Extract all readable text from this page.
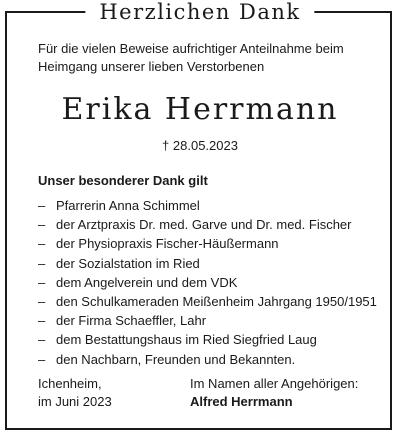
Herzlichen Dank
Für die vielen Beweise aufrichtiger Anteilnahme beim
Heimgang unserer lieben Verstorbenen
Erika Herrmann
† 28.05.2023
Unser besonderer Dank gilt
– Pfarrerin Anna Schimmel
– der Arztpraxis Dr. med. Garve und Dr. med. Fischer
– der Physiopraxis Fischer-Häußermann
– der Sozialstation im Ried
– dem Angelverein und dem VDK
– den Schulkameraden Meißenheim Jahrgang 1950/1951
– der Firma Schaeffler, Lahr
– dem Bestattungshaus im Ried Siegfried Laug
– den Nachbarn, Freunden und Bekannten.
Ichenheim,
im Juni 2023
Im Namen aller Angehörigen:
Alfred Herrmann
